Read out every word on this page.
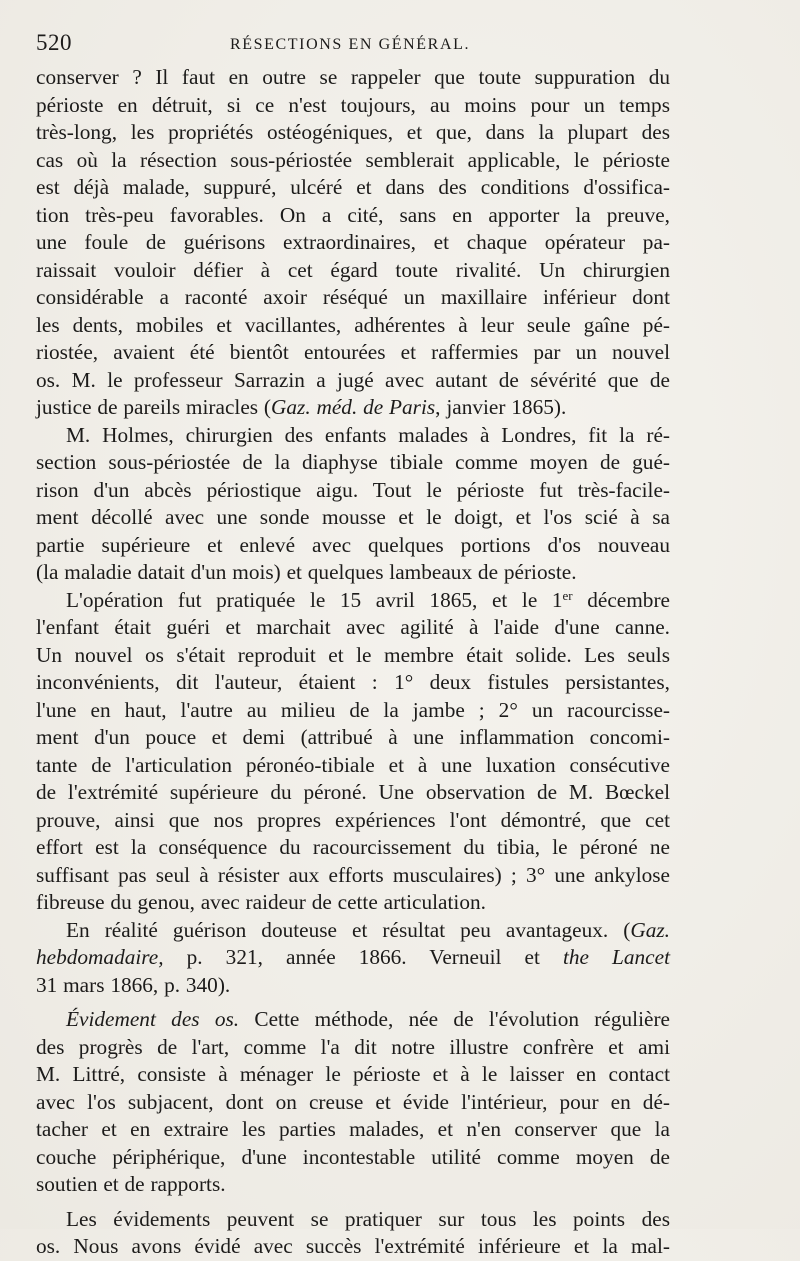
520	RÉSECTIONS EN GÉNÉRAL.
conserver ? Il faut en outre se rappeler que toute suppuration du
périoste en détruit, si ce n'est toujours, au moins pour un temps
très-long, les propriétés ostéogéniques, et que, dans la plupart des
cas où la résection sous-périostée semblerait applicable, le périoste
est déjà malade, suppuré, ulcéré et dans des conditions d'ossifica-
tion très-peu favorables. On a cité, sans en apporter la preuve,
une foule de guérisons extraordinaires, et chaque opérateur pa-
raissait vouloir défier à cet égard toute rivalité. Un chirurgien
considérable a raconté axoir réséqué un maxillaire inférieur dont
les dents, mobiles et vacillantes, adhérentes à leur seule gaîne pé-
riostée, avaient été bientôt entourées et raffermies par un nouvel
os. M. le professeur Sarrazin a jugé avec autant de sévérité que de
justice de pareils miracles (Gaz. méd. de Paris, janvier 1865).
M. Holmes, chirurgien des enfants malades à Londres, fit la ré-
section sous-périostée de la diaphyse tibiale comme moyen de gué-
rison d'un abcès périostique aigu. Tout le périoste fut très-facile-
ment décollé avec une sonde mousse et le doigt, et l'os scié à sa
partie supérieure et enlevé avec quelques portions d'os nouveau
(la maladie datait d'un mois) et quelques lambeaux de périoste.
L'opération fut pratiquée le 15 avril 1865, et le 1er décembre
l'enfant était guéri et marchait avec agilité à l'aide d'une canne.
Un nouvel os s'était reproduit et le membre était solide. Les seuls
inconvénients, dit l'auteur, étaient : 1° deux fistules persistantes,
l'une en haut, l'autre au milieu de la jambe ; 2° un racourcisse-
ment d'un pouce et demi (attribué à une inflammation concomi-
tante de l'articulation péronéo-tibiale et à une luxation consécutive
de l'extrémité supérieure du péroné. Une observation de M. Bœckel
prouve, ainsi que nos propres expériences l'ont démontré, que cet
effort est la conséquence du racourcissement du tibia, le péroné ne
suffisant pas seul à résister aux efforts musculaires) ; 3° une ankylose
fibreuse du genou, avec raideur de cette articulation.
En réalité guérison douteuse et résultat peu avantageux. (Gaz.
hebdomadaire, p. 321, année 1866. Verneuil et the Lancet
31 mars 1866, p. 340).
Évidement des os. Cette méthode, née de l'évolution régulière
des progrès de l'art, comme l'a dit notre illustre confrère et ami
M. Littré, consiste à ménager le périoste et à le laisser en contact
avec l'os subjacent, dont on creuse et évide l'intérieur, pour en dé-
tacher et en extraire les parties malades, et n'en conserver que la
couche périphérique, d'une incontestable utilité comme moyen de
soutien et de rapports.
Les évidements peuvent se pratiquer sur tous les points des
os. Nous avons évidé avec succès l'extrémité inférieure et la mal-
